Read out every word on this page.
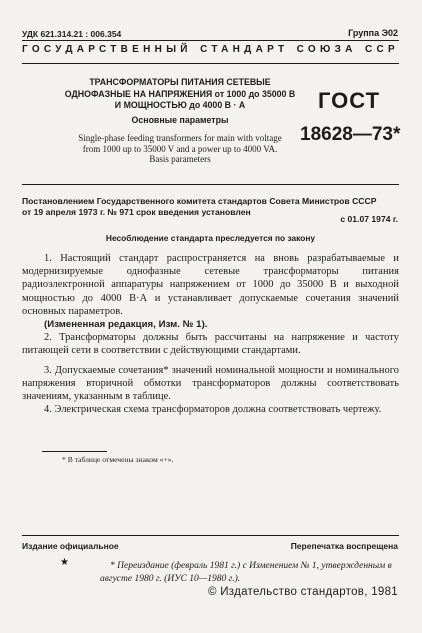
УДК 621.314.21 : 006.354	Группа Э02
ГОСУДАРСТВЕННЫЙ СТАНДАРТ СОЮЗА ССР
ТРАНСФОРМАТОРЫ ПИТАНИЯ СЕТЕВЫЕ
ОДНОФАЗНЫЕ НА НАПРЯЖЕНИЯ от 1000 до 35000 В
И МОЩНОСТЬЮ до 4000 В · А
Основные параметры
Single-phase feeding transformers for main with voltage
from 1000 up to 35000 V and a power up to 4000 VA.
Basis parameters
ГОСТ
18628—73*
Постановлением Государственного комитета стандартов Совета Министров СССР
от 19 апреля 1973 г. № 971 срок введения установлен
с 01.07 1974 г.
Несоблюдение стандарта преследуется по закону
1. Настоящий стандарт распространяется на вновь разрабатываемые и модернизируемые однофазные сетевые трансформаторы питания радиоэлектронной аппаратуры напряжением от 1000 до 35000 В и выходной мощностью до 4000 В·А и устанавливает допускаемые сочетания значений основных параметров.
(Измененная редакция, Изм. № 1).
2. Трансформаторы должны быть рассчитаны на напряжение и частоту питающей сети в соответствии с действующими стандартами.
3. Допускаемые сочетания* значений номинальной мощности и номинального напряжения вторичной обмотки трансформаторов должны соответствовать значениям, указанным в таблице.
4. Электрическая схема трансформаторов должна соответствовать чертежу.
* В таблице отмечены знаком «+».
Издание официальное	Перепечатка воспрещена
★	* Переиздание (февраль 1981 г.) с Изменением № 1, утвержденным в августе 1980 г. (ИУС 10—1980 г.).
© Издательство стандартов, 1981
